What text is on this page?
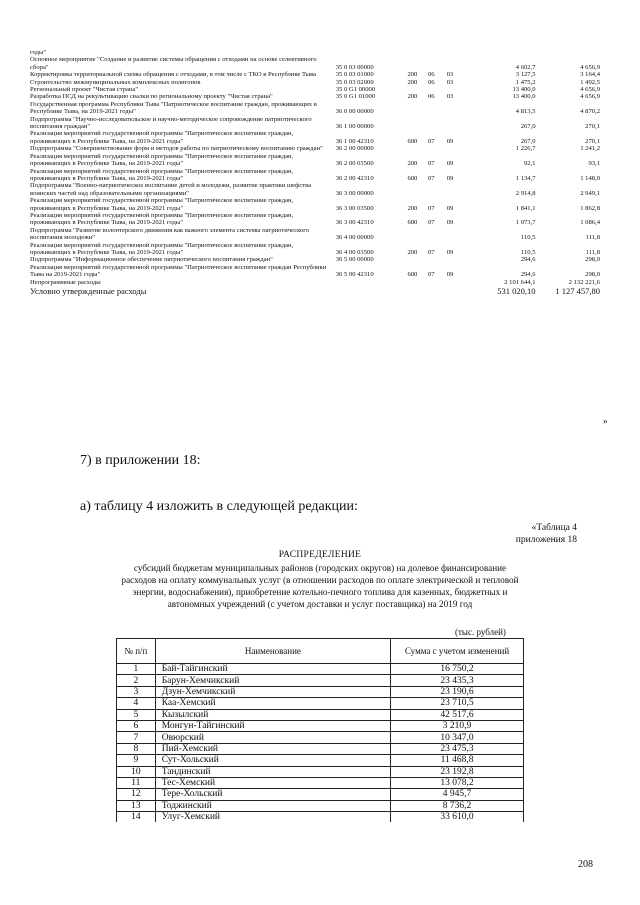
годы"						
Основное мероприятие "Создание и развитие системы обращения с отходами на основе селективного сбора"	35 0 03 00000				4 602,7	4 656,9
Корректировка территориальной схемы обращения с отходами, в том числе с ТКО в Республике Тыва	35 0 03 01000	200	06	03	3 127,5	3 164,4
Строительство межмуниципальных комплексных полигонов	35 0 03 02000	200	06	03	1 475,2	1 492,5
Региональный проект "Чистая страна"	35 0 G1 00000				13 400,0	4 656,9
Разработка ПСД на рекультивацию свалки по региональному проекту "Чистая страна"	35 0 G1 01000	200	06	03	13 400,0	4 656,9
Государственная программа Республики Тыва "Патриотическое воспитание граждан, проживающих в Республике Тыва, на 2019-2021 годы"	36 0 00 00000				4 813,5	4 870,2
Подпрограмма "Научно-исследовательское и научно-методическое сопровождение патриотического воспитания граждан"	36 1 00 00000				267,0	270,1
Реализация мероприятий государственной программы "Патриотическое воспитание граждан, проживающих в Республике Тыва, на 2019-2021 годы"	36 1 00 42310	600	07	09	267,0	270,1
Подпрограмма "Совершенствование форм и методов работы по патриотическому воспитанию граждан"	36 2 00 00000				1 226,7	1 241,2
Реализация мероприятий государственной программы "Патриотическое воспитание граждан, проживающих в Республике Тыва, на 2019-2021 годы"	36 2 00 03500	200	07	09	92,1	93,1
Реализация мероприятий государственной программы "Патриотическое воспитание граждан, проживающих в Республике Тыва, на 2019-2021 годы"	36 2 00 42310	600	07	09	1 134,7	1 148,0
Подпрограмма "Военно-патриотическое воспитание детей и молодежи, развитие практики шефства воинских частей над образовательными организациями"	36 3 00 00000				2 914,8	2 949,1
Реализация мероприятий государственной программы "Патриотическое воспитание граждан, проживающих в Республике Тыва, на 2019-2021 годы"	36 3 00 03500	200	07	09	1 841,1	1 862,8
Реализация мероприятий государственной программы "Патриотическое воспитание граждан, проживающих в Республике Тыва, на 2019-2021 годы"	36 3 00 42310	600	07	09	1 073,7	1 086,4
Подпрограмма "Развитие волонтерского движения как важного элемента системы патриотического воспитания молодежи"	36 4 00 00000				110,5	111,8
Реализация мероприятий государственной программы "Патриотическое воспитание граждан, проживающих в Республике Тыва, на 2019-2021 годы"	36 4 00 03500	200	07	09	110,5	111,8
Подпрограмма "Информационное обеспечение патриотического воспитания граждан"	36 5 00 00000				294,6	298,0
Реализация мероприятий государственной программы "Патриотическое воспитание граждан Республики Тыва на 2019-2021 годы"	36 5 00 42310	600	07	09	294,6	298,0
Непрограммные расходы					2 101 644,1	2 132 221,6
Условно утвержденные расходы					531 020,10	1 127 457,80
»
7) в приложении 18:
а) таблицу 4 изложить в следующей редакции:
«Таблица 4
приложения 18
РАСПРЕДЕЛЕНИЕ
субсидий бюджетам муниципальных районов (городских округов) на долевое финансирование расходов на оплату коммунальных услуг (в отношении расходов по оплате электрической и тепловой энергии, водоснабжения), приобретение котельно-печного топлива для казенных, бюджетных и автономных учреждений (с учетом доставки и услуг поставщика) на 2019 год
(тыс. рублей)
№ п/п	Наименование	Сумма с учетом изменений
1	Бай-Тайгинский	16 750,2
2	Барун-Хемчикский	23 435,3
3	Дзун-Хемчикский	23 190,6
4	Каа-Хемский	23 710,5
5	Кызылский	42 517,6
6	Монгун-Тайгинский	3 210,9
7	Овюрский	10 347,0
8	Пий-Хемский	23 475,3
9	Сут-Хольский	11 468,8
10	Тандинский	23 192,8
11	Тес-Хемский	13 078,2
12	Тере-Хольский	4 945,7
13	Тоджинский	8 736,2
14	Улуг-Хемский	33 610,0
208
